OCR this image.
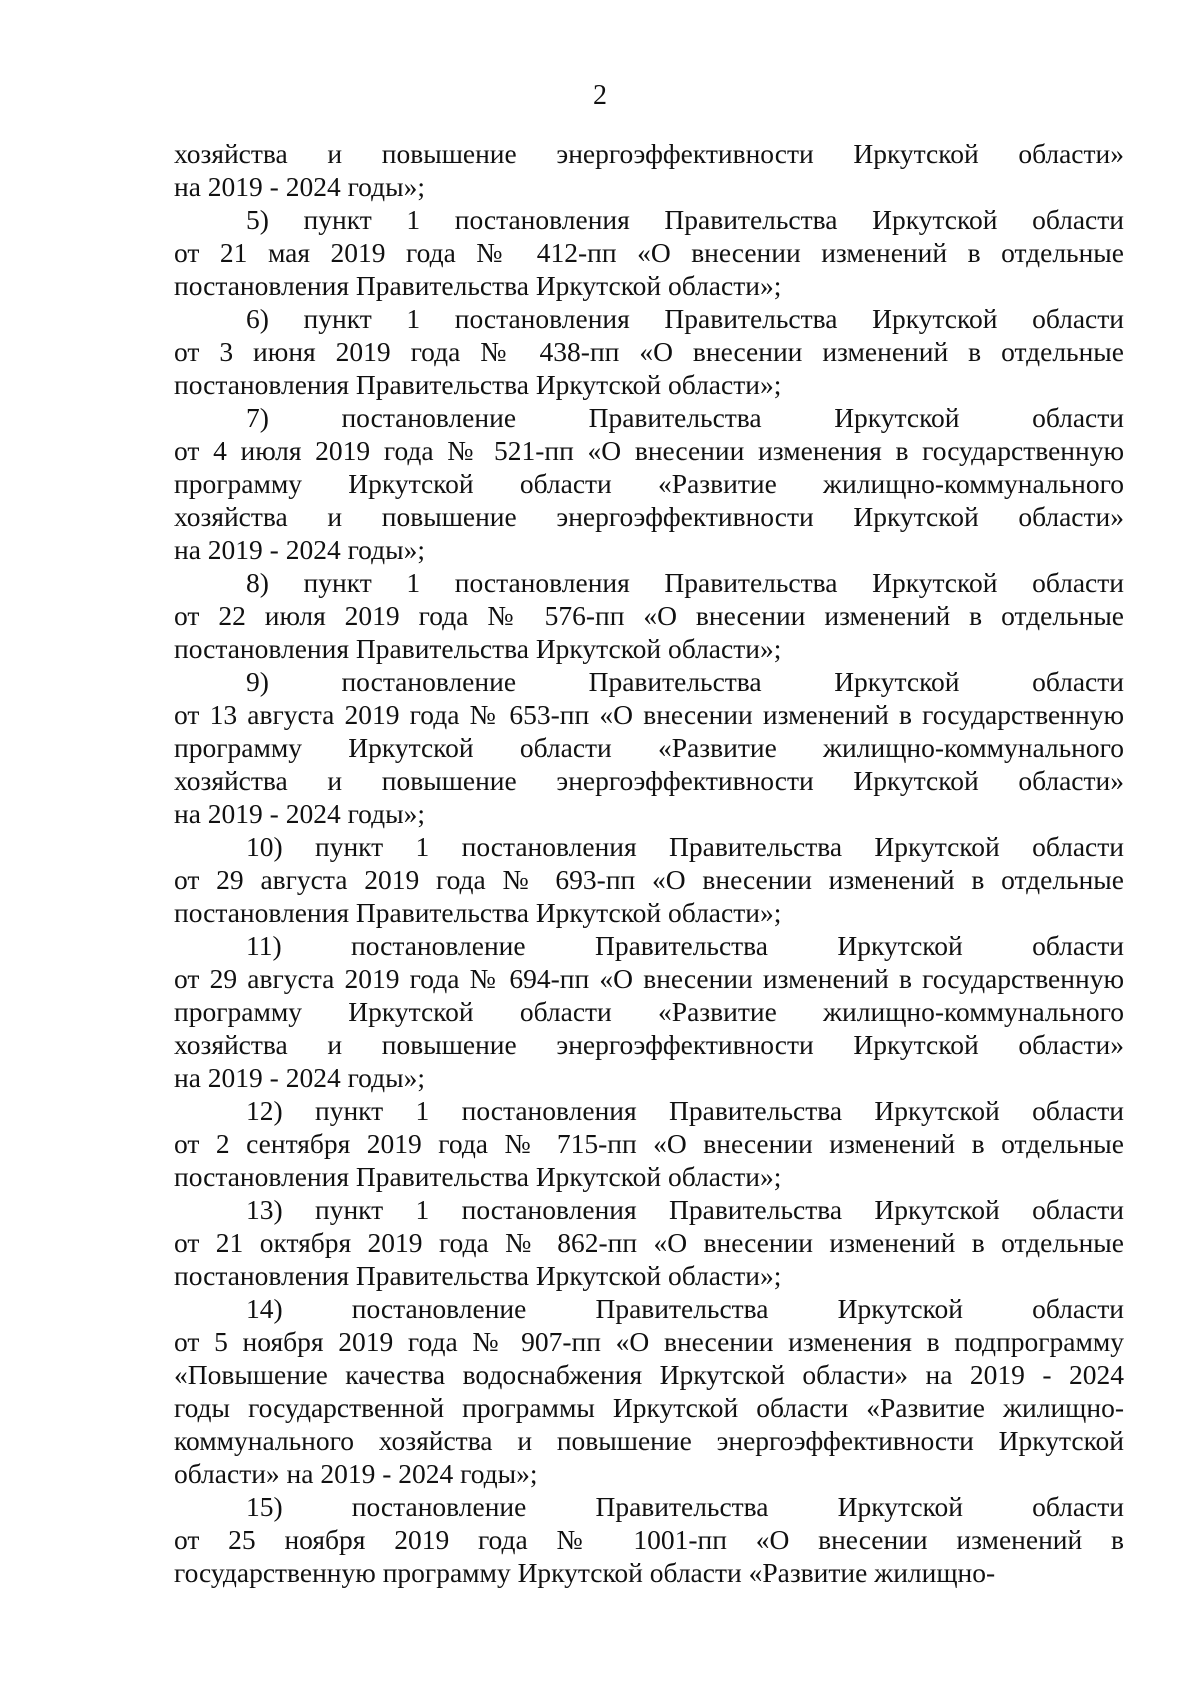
2
хозяйства и повышение энергоэффективности Иркутской области»
на 2019 - 2024 годы»;
5) пункт 1 постановления Правительства Иркутской области
от 21 мая 2019 года № 412-пп «О внесении изменений в отдельные
постановления Правительства Иркутской области»;
6) пункт 1 постановления Правительства Иркутской области
от 3 июня 2019 года № 438-пп «О внесении изменений в отдельные
постановления Правительства Иркутской области»;
7) постановление Правительства Иркутской области
от 4 июля 2019 года № 521-пп «О внесении изменения в государственную
программу Иркутской области «Развитие жилищно-коммунального
хозяйства и повышение энергоэффективности Иркутской области»
на 2019 - 2024 годы»;
8) пункт 1 постановления Правительства Иркутской области
от 22 июля 2019 года № 576-пп «О внесении изменений в отдельные
постановления Правительства Иркутской области»;
9) постановление Правительства Иркутской области
от 13 августа 2019 года № 653-пп «О внесении изменений в государственную
программу Иркутской области «Развитие жилищно-коммунального
хозяйства и повышение энергоэффективности Иркутской области»
на 2019 - 2024 годы»;
10) пункт 1 постановления Правительства Иркутской области
от 29 августа 2019 года № 693-пп «О внесении изменений в отдельные
постановления Правительства Иркутской области»;
11) постановление Правительства Иркутской области
от 29 августа 2019 года № 694-пп «О внесении изменений в государственную
программу Иркутской области «Развитие жилищно-коммунального
хозяйства и повышение энергоэффективности Иркутской области»
на 2019 - 2024 годы»;
12) пункт 1 постановления Правительства Иркутской области
от 2 сентября 2019 года № 715-пп «О внесении изменений в отдельные
постановления Правительства Иркутской области»;
13) пункт 1 постановления Правительства Иркутской области
от 21 октября 2019 года № 862-пп «О внесении изменений в отдельные
постановления Правительства Иркутской области»;
14) постановление Правительства Иркутской области
от 5 ноября 2019 года № 907-пп «О внесении изменения в подпрограмму
«Повышение качества водоснабжения Иркутской области» на 2019 - 2024
годы государственной программы Иркутской области «Развитие жилищно-
коммунального хозяйства и повышение энергоэффективности Иркутской
области» на 2019 - 2024 годы»;
15) постановление Правительства Иркутской области
от 25 ноября 2019 года № 1001-пп «О внесении изменений в
государственную программу Иркутской области «Развитие жилищно-
